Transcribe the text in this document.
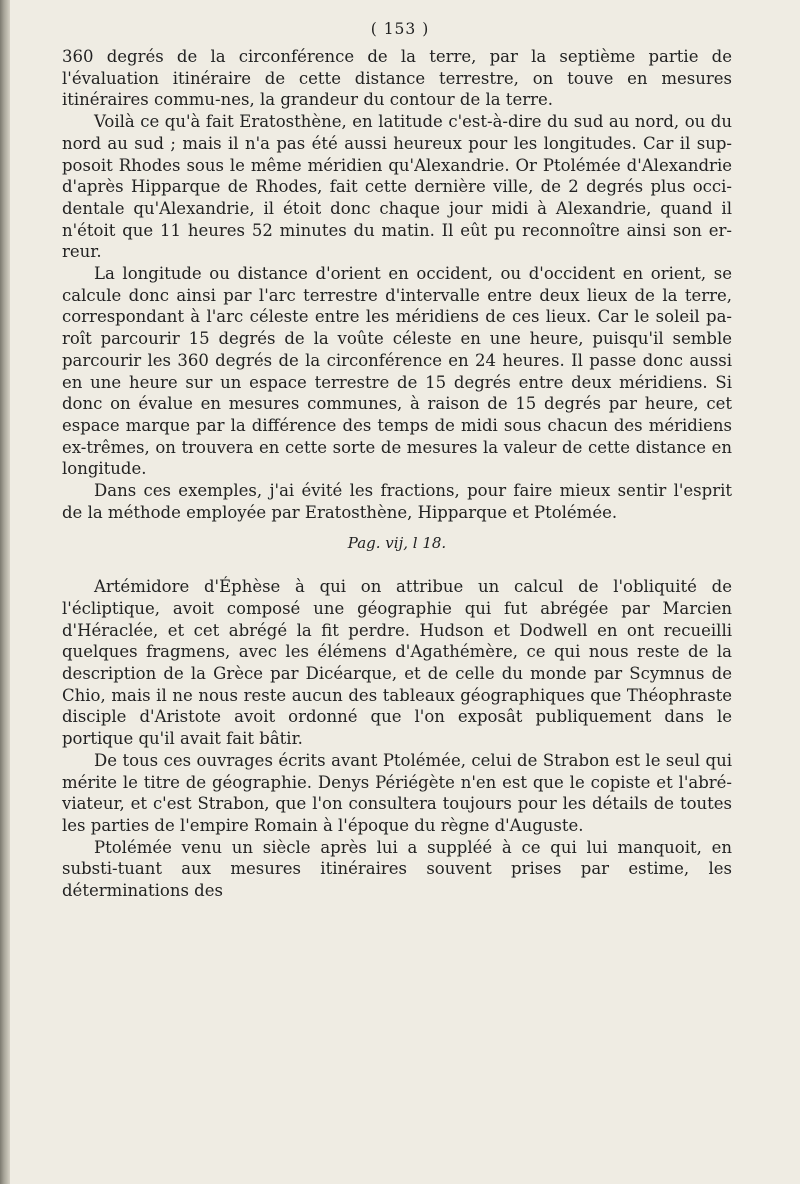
( 153 )

360 degrés de la circonférence de la terre, par la septième partie de l'évaluation itinéraire de cette distance terrestre, on touve en mesures itinéraires commu-nes, la grandeur du contour de la terre.

Voilà ce qu'à fait Eratosthène, en latitude c'est-à-dire du sud au nord, ou du nord au sud ; mais il n'a pas été aussi heureux pour les longitudes. Car il sup-posoit Rhodes sous le même méridien qu'Alexandrie. Or Ptolémée d'Alexandrie d'après Hipparque de Rhodes, fait cette dernière ville, de 2 degrés plus occi-dentale qu'Alexandrie, il étoit donc chaque jour midi à Alexandrie, quand il n'étoit que 11 heures 52 minutes du matin. Il eût pu reconnoître ainsi son er-reur.

La longitude ou distance d'orient en occident, ou d'occident en orient, se calcule donc ainsi par l'arc terrestre d'intervalle entre deux lieux de la terre, correspondant à l'arc céleste entre les méridiens de ces lieux. Car le soleil pa-roît parcourir 15 degrés de la voûte céleste en une heure, puisqu'il semble parcourir les 360 degrés de la circonférence en 24 heures. Il passe donc aussi en une heure sur un espace terrestre de 15 degrés entre deux méridiens. Si donc on évalue en mesures communes, à raison de 15 degrés par heure, cet espace marque par la différence des temps de midi sous chacun des méridiens ex-trêmes, on trouvera en cette sorte de mesures la valeur de cette distance en longitude.

Dans ces exemples, j'ai évité les fractions, pour faire mieux sentir l'esprit de la méthode employée par Eratosthène, Hipparque et Ptolémée.

Pag. vij, l 18.

Artémidore d'Éphèse à qui on attribue un calcul de l'obliquité de l'écliptique, avoit composé une géographie qui fut abrégée par Marcien d'Héraclée, et cet abrégé la fit perdre. Hudson et Dodwell en ont recueilli quelques fragmens, avec les élémens d'Agathémère, ce qui nous reste de la description de la Grèce par Dicéarque, et de celle du monde par Scymnus de Chio, mais il ne nous reste aucun des tableaux géographiques que Théophraste disciple d'Aristote avoit ordonné que l'on exposât publiquement dans le portique qu'il avait fait bâtir.

De tous ces ouvrages écrits avant Ptolémée, celui de Strabon est le seul qui mérite le titre de géographie. Denys Périégète n'en est que le copiste et l'abré-viateur, et c'est Strabon, que l'on consultera toujours pour les détails de toutes les parties de l'empire Romain à l'époque du règne d'Auguste.

Ptolémée venu un siècle après lui a suppléé à ce qui lui manquoit, en substi-tuant aux mesures itinéraires souvent prises par estime, les déterminations des
